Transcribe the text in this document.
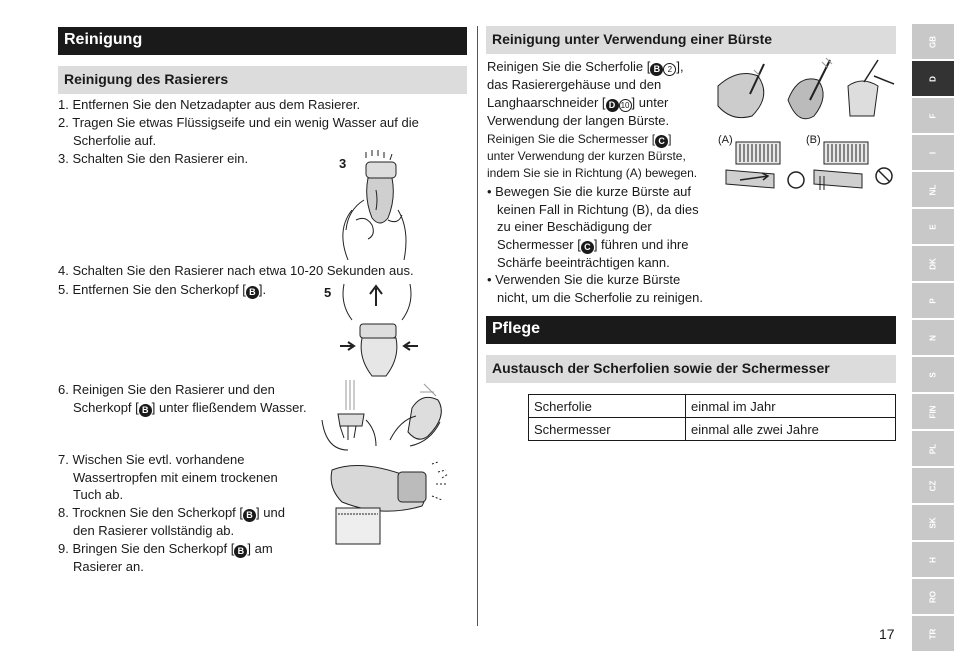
Reinigung
Reinigung des Rasierers
1. Entfernen Sie den Netzadapter aus dem Rasierer.
2. Tragen Sie etwas Flüssigseife und ein wenig Wasser auf die
Scherfolie auf.
3. Schalten Sie den Rasierer ein.	3
4. Schalten Sie den Rasierer nach etwa 10-20 Sekunden aus.
5. Entfernen Sie den Scherkopf [ B ].	5
6. Reinigen Sie den Rasierer und den
Scherkopf [ B ] unter fließendem Wasser.
7. Wischen Sie evtl. vorhandene
Wassertropfen mit einem trockenen
Tuch ab.
8. Trocknen Sie den Scherkopf [ B ] und
den Rasierer vollständig ab.
9. Bringen Sie den Scherkopf [ B ] am
Rasierer an.
Reinigung unter Verwendung einer Bürste
Reinigen Sie die Scherfolie [ B 2 ],
das Rasierergehäuse und den
Langhaarschneider [ D 10 ] unter
Verwendung der langen Bürste.
Reinigen Sie die Schermesser [ C ]
unter Verwendung der kurzen Bürste,
indem Sie sie in Richtung (A) bewegen.
• Bewegen Sie die kurze Bürste auf
keinen Fall in Richtung (B), da dies
zu einer Beschädigung der
Schermesser [ C ] führen und ihre
Schärfe beeinträchtigen kann.
• Verwenden Sie die kurze Bürste
nicht, um die Scherfolie zu reinigen.
(A)	(B)
Pflege
Austausch der Scherfolien sowie der Schermesser
Scherfolie	einmal im Jahr
Schermesser	einmal alle zwei Jahre
GB
D
F
I
NL
E
DK
P
N
S
FIN
PL
CZ
SK
H
RO
TR
17
